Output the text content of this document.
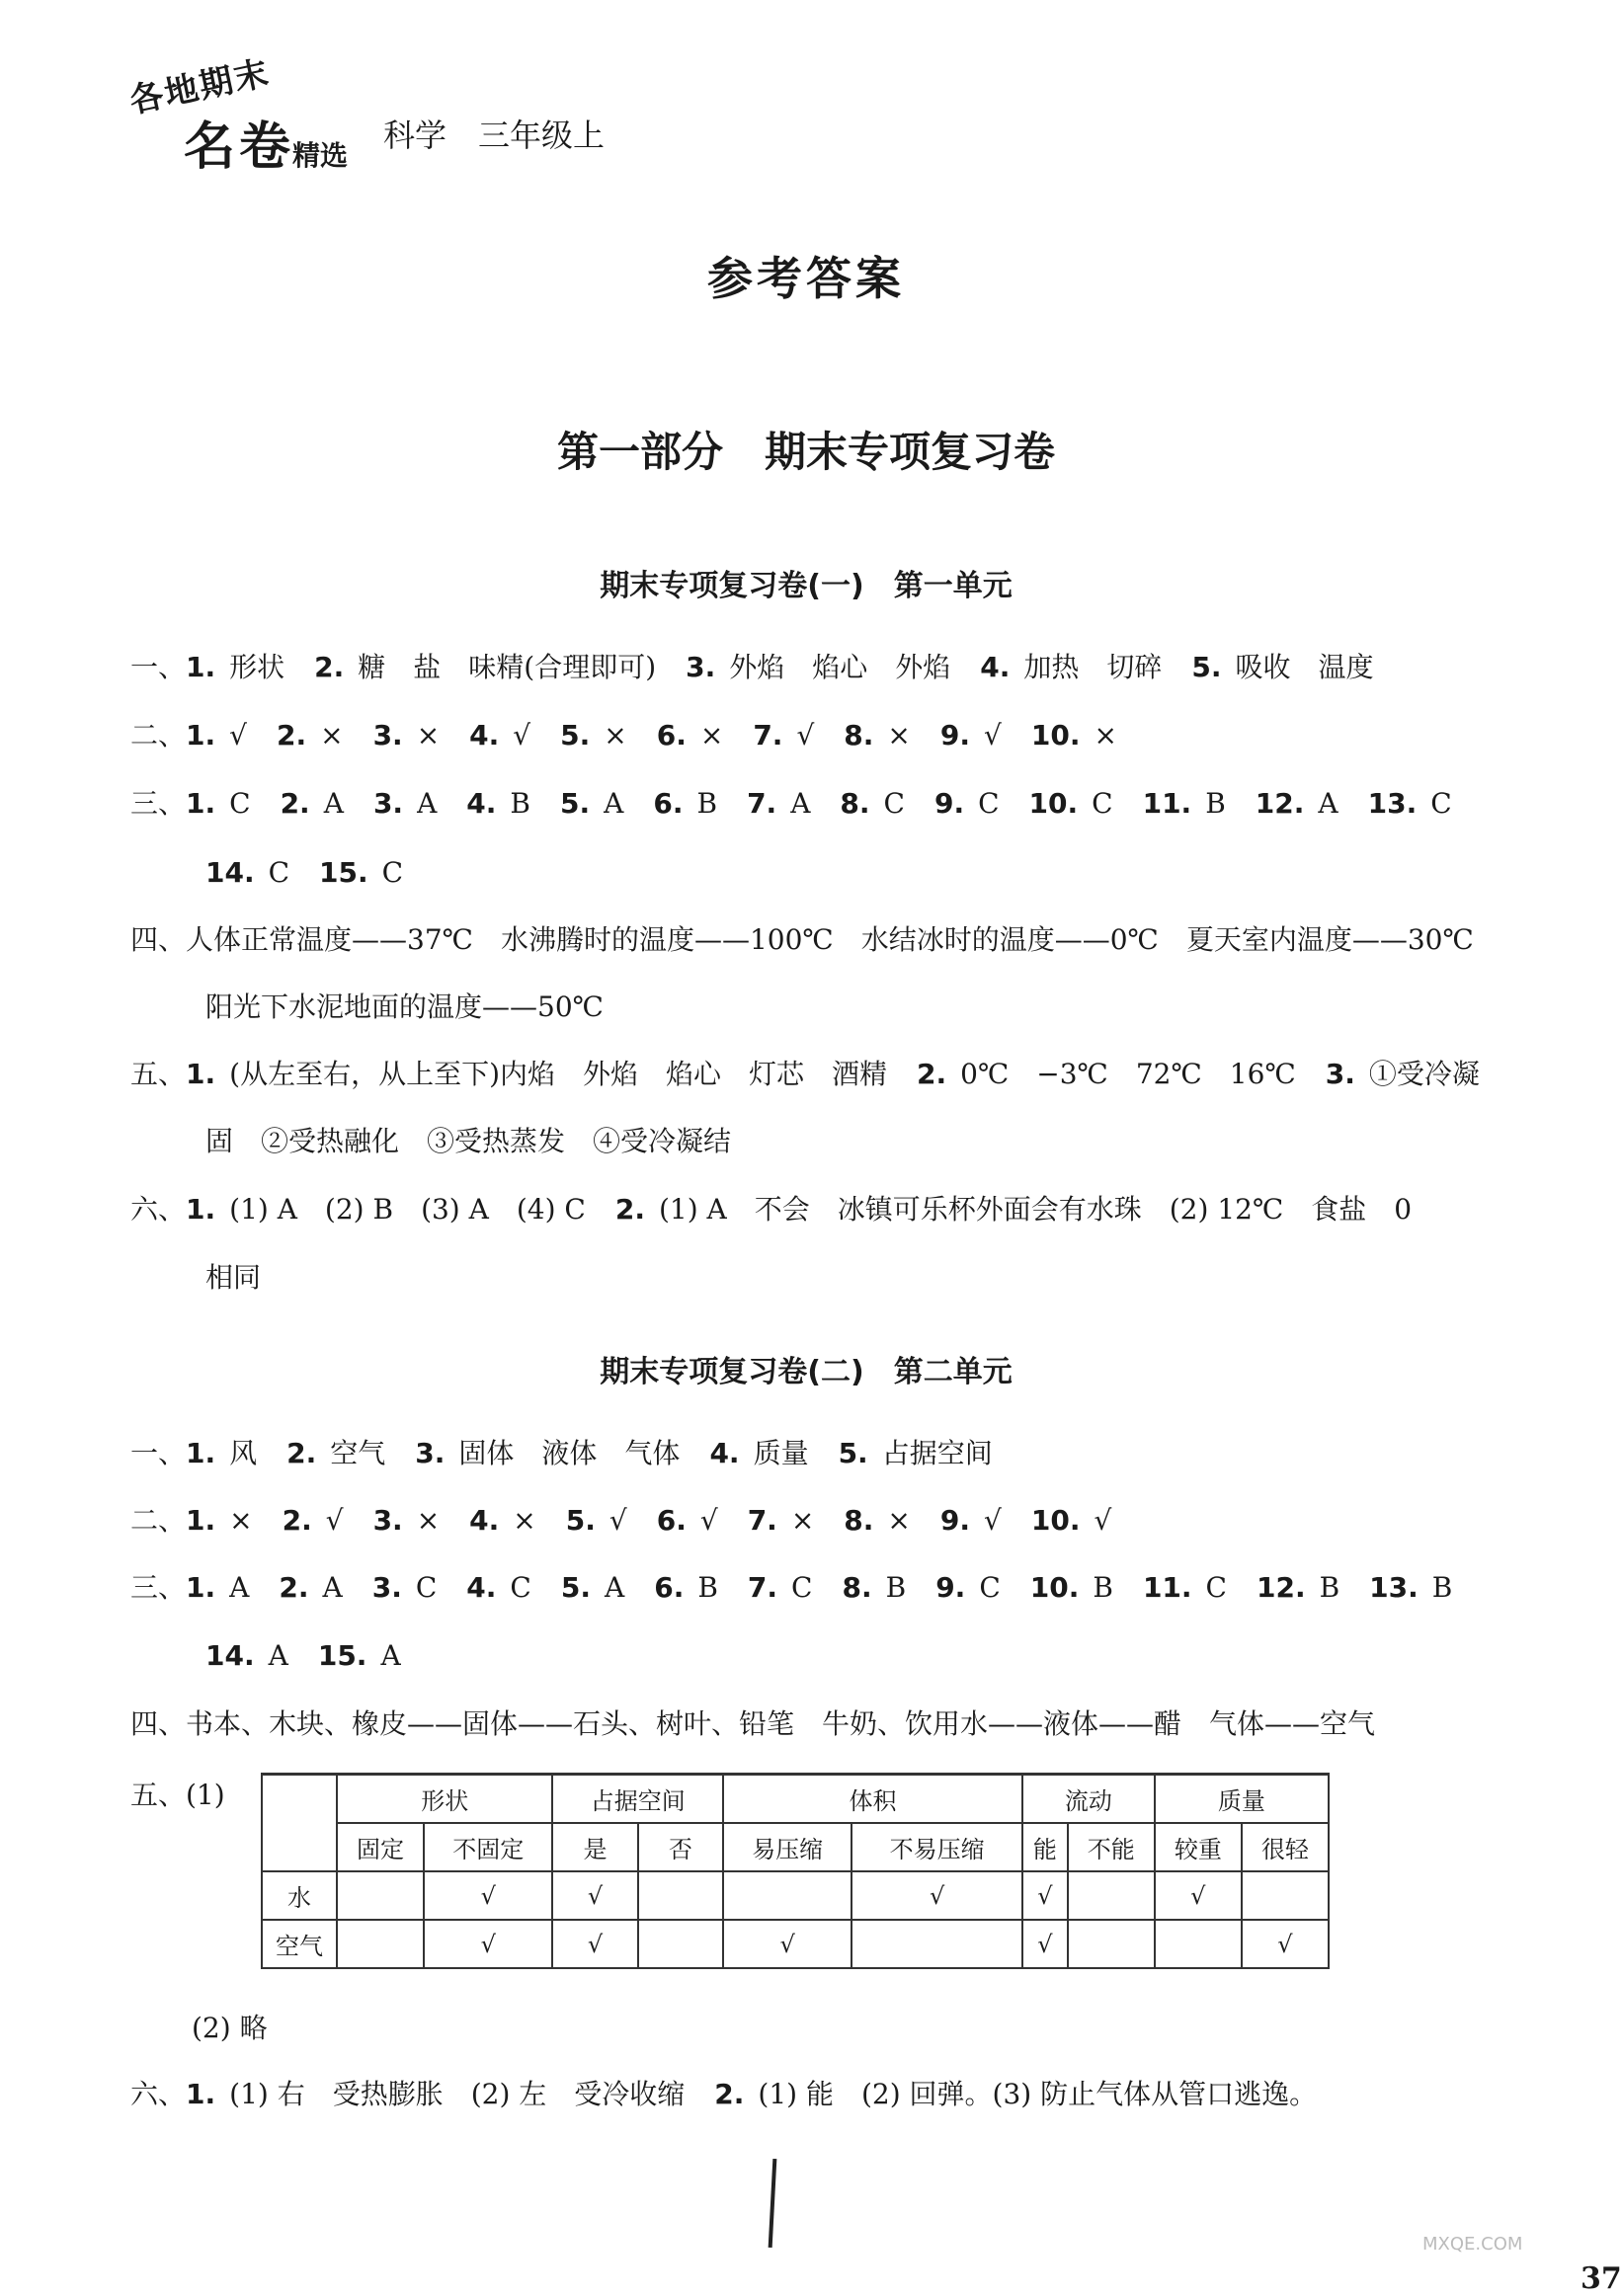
各地期末
名卷
精选
科学　三年级上
参考答案
第一部分　期末专项复习卷
期末专项复习卷(一)　第一单元
一、1. 形状 2. 糖　盐　味精(合理即可) 3. 外焰　焰心　外焰 4. 加热　切碎 5. 吸收　温度
二、1. √ 2. × 3. × 4. √ 5. × 6. × 7. √ 8. × 9. √ 10. ×
三、1. C 2. A 3. A 4. B 5. A 6. B 7. A 8. C 9. C 10. C 11. B 12. A 13. C
14. C 15. C
四、人体正常温度——37℃　水沸腾时的温度——100℃　水结冰时的温度——0℃　夏天室内温度——30℃
阳光下水泥地面的温度——50℃
五、1. (从左至右，从上至下)内焰　外焰　焰心　灯芯　酒精 2. 0℃　−3℃　72℃　16℃ 3. ①受冷凝
固　②受热融化　③受热蒸发　④受冷凝结
六、1. (1) A　(2) B　(3) A　(4) C 2. (1) A　不会　冰镇可乐杯外面会有水珠　(2) 12℃　食盐　0
相同
期末专项复习卷(二)　第二单元
一、1. 风 2. 空气 3. 固体　液体　气体 4. 质量 5. 占据空间
二、1. × 2. √ 3. × 4. × 5. √ 6. √ 7. × 8. × 9. √ 10. √
三、1. A 2. A 3. C 4. C 5. A 6. B 7. C 8. B 9. C 10. B 11. C 12. B 13. B
14. A 15. A
四、书本、木块、橡皮——固体——石头、树叶、铅笔　牛奶、饮用水——液体——醋　气体——空气
五、(1)
		形状		占据空间		体积		流动		质量	
	固定	不固定	是	否	易压缩	不易压缩	能	不能	较重	很轻
水		√	√			√	√		√	
空气		√	√		√		√			√
(2) 略
六、1. (1) 右　受热膨胀　(2) 左　受冷收缩 2. (1) 能　(2) 回弹。(3) 防止气体从管口逃逸。
MXQE.COM
37
